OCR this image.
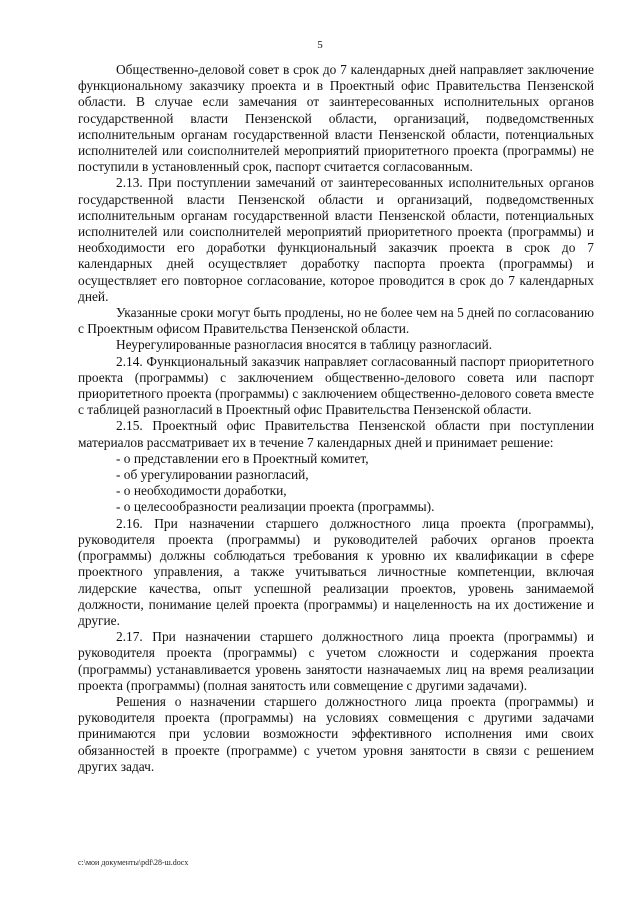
5

Общественно-деловой совет в срок до 7 календарных дней направляет заключение функциональному заказчику проекта и в Проектный офис Правительства Пензенской области. В случае если замечания от заинтересованных исполнительных органов государственной власти Пензенской области, организаций, подведомственных исполнительным органам государственной власти Пензенской области, потенциальных исполнителей или соисполнителей мероприятий приоритетного проекта (программы) не поступили в установленный срок, паспорт считается согласованным.

2.13. При поступлении замечаний от заинтересованных исполнительных органов государственной власти Пензенской области и организаций, подведомственных исполнительным органам государственной власти Пензенской области, потенциальных исполнителей или соисполнителей мероприятий приоритетного проекта (программы) и необходимости его доработки функциональный заказчик проекта в срок до 7 календарных дней осуществляет доработку паспорта проекта (программы) и осуществляет его повторное согласование, которое проводится в срок до 7 календарных дней.

Указанные сроки могут быть продлены, но не более чем на 5 дней по согласованию с Проектным офисом Правительства Пензенской области.

Неурегулированные разногласия вносятся в таблицу разногласий.

2.14. Функциональный заказчик направляет согласованный паспорт приоритетного проекта (программы) с заключением общественно-делового совета или паспорт приоритетного проекта (программы) с заключением общественно-делового совета вместе с таблицей разногласий в Проектный офис Правительства Пензенской области.

2.15. Проектный офис Правительства Пензенской области при поступлении материалов рассматривает их в течение 7 календарных дней и принимает решение:

- о представлении его в Проектный комитет,

- об урегулировании разногласий,

- о необходимости доработки,

- о целесообразности реализации проекта (программы).

2.16. При назначении старшего должностного лица проекта (программы), руководителя проекта (программы) и руководителей рабочих органов проекта (программы) должны соблюдаться требования к уровню их квалификации в сфере проектного управления, а также учитываться личностные компетенции, включая лидерские качества, опыт успешной реализации проектов, уровень занимаемой должности, понимание целей проекта (программы) и нацеленность на их достижение и другие.

2.17. При назначении старшего должностного лица проекта (программы) и руководителя проекта (программы) с учетом сложности и содержания проекта (программы) устанавливается уровень занятости назначаемых лиц на время реализации проекта (программы) (полная занятость или совмещение с другими задачами).

Решения о назначении старшего должностного лица проекта (программы) и руководителя проекта (программы) на условиях совмещения с другими задачами принимаются при условии возможности эффективного исполнения ими своих обязанностей в проекте (программе) с учетом уровня занятости в связи с решением других задач.

c:\мои документы\pdf\28-ш.docx
